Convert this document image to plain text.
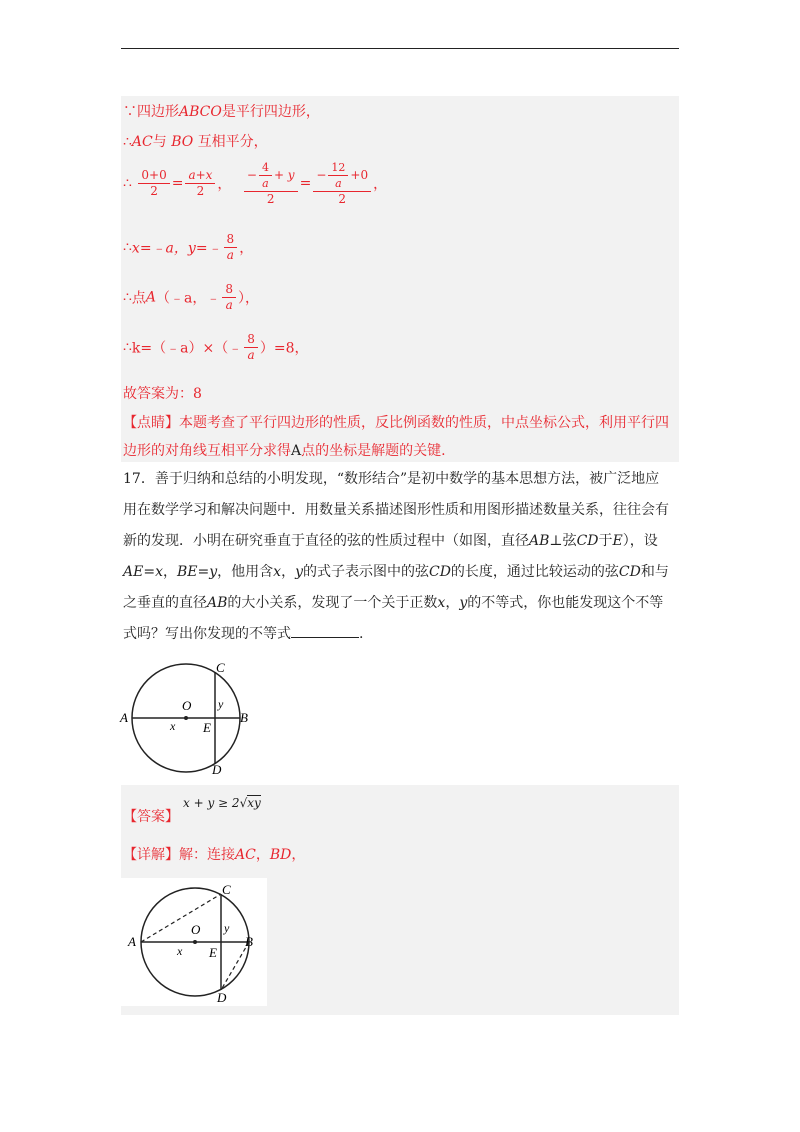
∵四边形ABCO是平行四边形，
∴AC与 BO 互相平分，
∴ $\frac{0+0}{2} = \frac{a+x}{2}$ ， $\frac{- \frac{4}{a} + y}{2} = \frac{- \frac{12}{a} +0}{2}$ ，
∴x=﹣a，y=﹣ $\frac{8}{a}$ ，
∴点A（﹣a，﹣ $\frac{8}{a}$ ），
∴k=（﹣a）×（﹣ $\frac{8}{a} )=8$，
故答案为：8
【点睛】本题考查了平行四边形的性质，反比例函数的性质，中点坐标公式，利用平行四
边形的对角线互相平分求得A点的坐标是解题的关键.
17．善于归纳和总结的小明发现，“数形结合”是初中数学的基本思想方法，被广泛地应
用在数学学习和解决问题中．用数量关系描述图形性质和用图形描述数量关系，往往会有
新的发现．小明在研究垂直于直径的弦的性质过程中（如图，直径AB⊥弦CD于E），设
AE=x，BE=y，他用含x，y的式子表示图中的弦CD的长度，通过比较运动的弦CD和与
之垂直的直径AB的大小关系，发现了一个关于正数x，y的不等式，你也能发现这个不等
式吗？写出你发现的不等式	.
C
O y
A
x E
B
D
【答案】x + y ≥ 2√xy
【详解】解：连接AC，BD，
C
O y
A
x E
B
D
